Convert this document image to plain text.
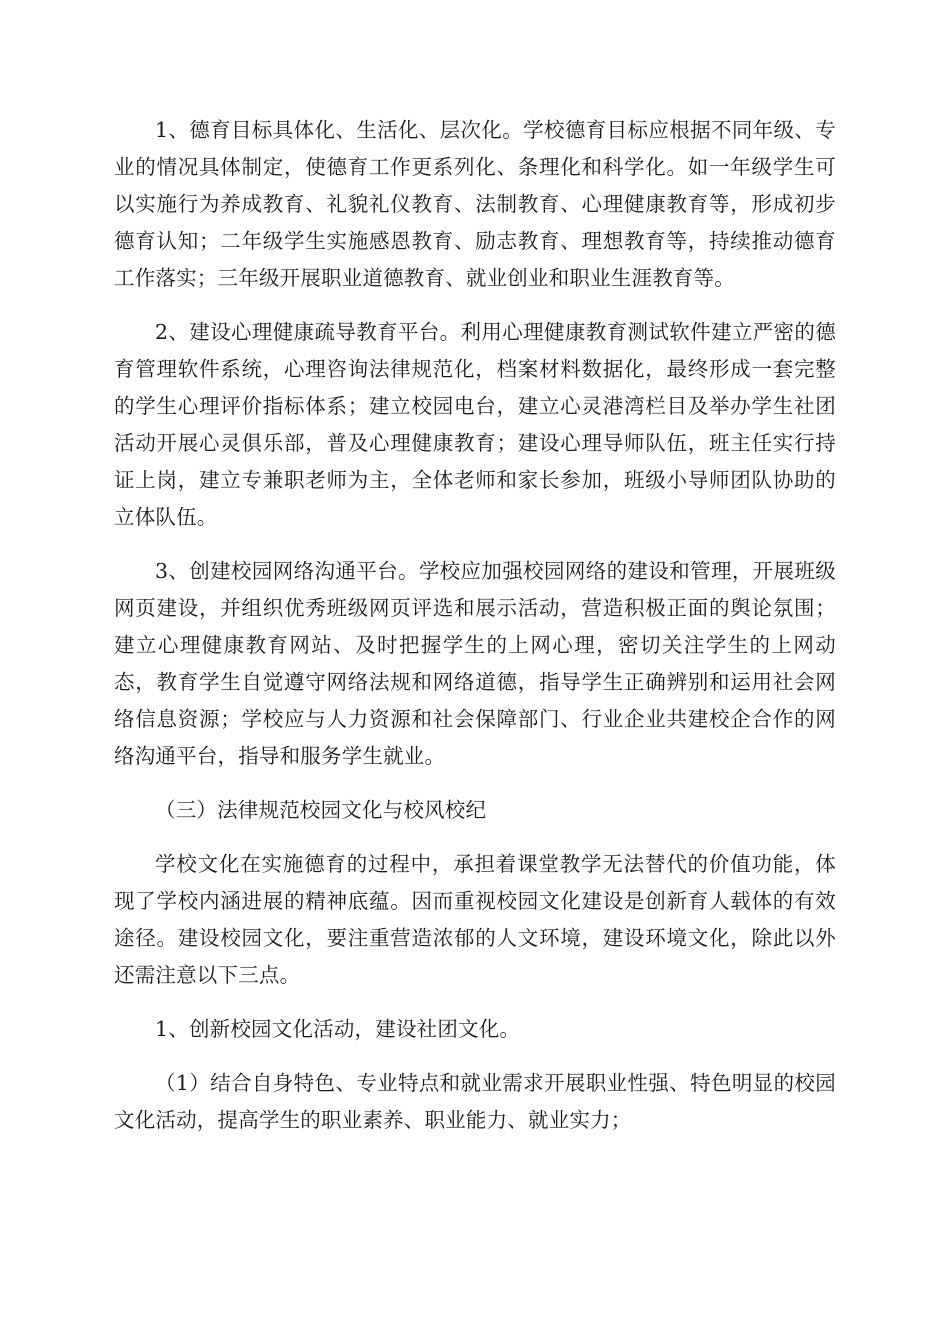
1、德育目标具体化、生活化、层次化。学校德育目标应根据不同年级、专业的情况具体制定，使德育工作更系列化、条理化和科学化。如一年级学生可以实施行为养成教育、礼貌礼仪教育、法制教育、心理健康教育等，形成初步德育认知；二年级学生实施感恩教育、励志教育、理想教育等，持续推动德育工作落实；三年级开展职业道德教育、就业创业和职业生涯教育等。

2、建设心理健康疏导教育平台。利用心理健康教育测试软件建立严密的德育管理软件系统，心理咨询法律规范化，档案材料数据化，最终形成一套完整的学生心理评价指标体系；建立校园电台，建立心灵港湾栏目及举办学生社团活动开展心灵俱乐部，普及心理健康教育；建设心理导师队伍，班主任实行持证上岗，建立专兼职老师为主，全体老师和家长参加，班级小导师团队协助的立体队伍。

3、创建校园网络沟通平台。学校应加强校园网络的建设和管理，开展班级网页建设，并组织优秀班级网页评选和展示活动，营造积极正面的舆论氛围；建立心理健康教育网站、及时把握学生的上网心理，密切关注学生的上网动态，教育学生自觉遵守网络法规和网络道德，指导学生正确辨别和运用社会网络信息资源；学校应与人力资源和社会保障部门、行业企业共建校企合作的网络沟通平台，指导和服务学生就业。

（三）法律规范校园文化与校风校纪

学校文化在实施德育的过程中，承担着课堂教学无法替代的价值功能，体现了学校内涵进展的精神底蕴。因而重视校园文化建设是创新育人载体的有效途径。建设校园文化，要注重营造浓郁的人文环境，建设环境文化，除此以外还需注意以下三点。

1、创新校园文化活动，建设社团文化。

（1）结合自身特色、专业特点和就业需求开展职业性强、特色明显的校园文化活动，提高学生的职业素养、职业能力、就业实力；
